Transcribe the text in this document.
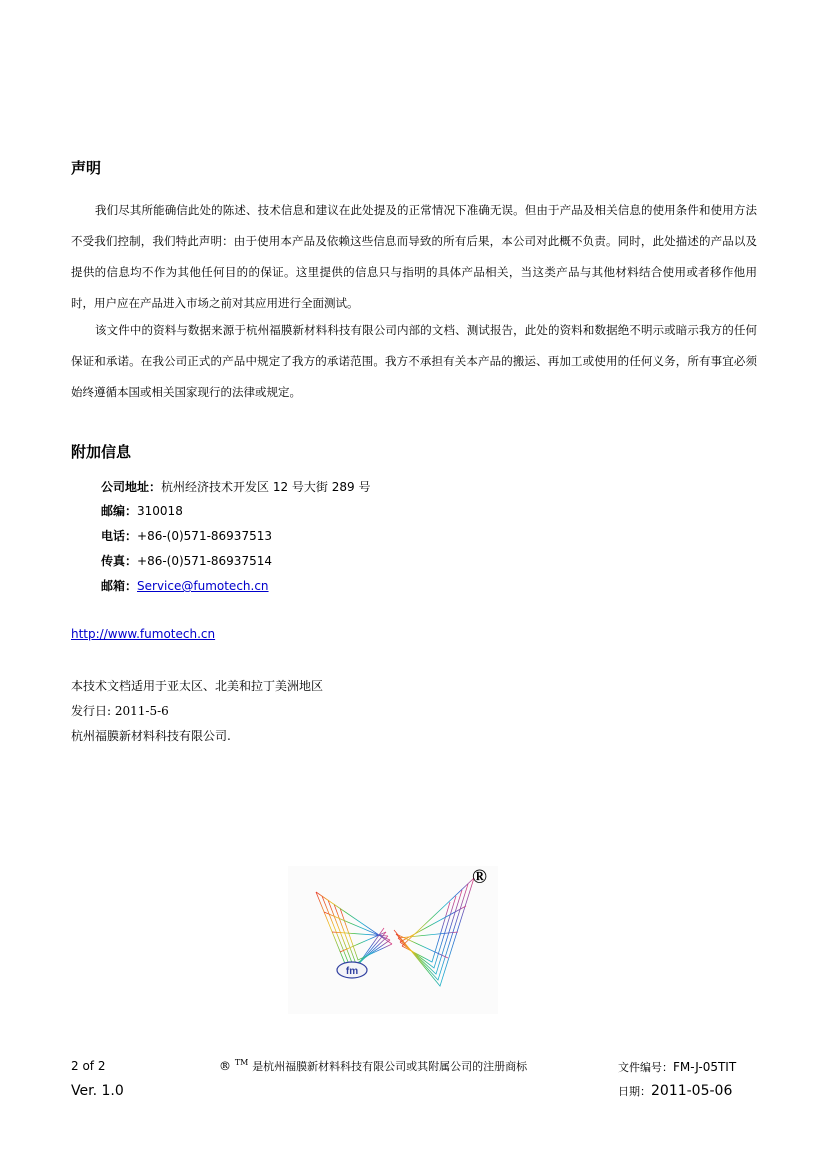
声明
我们尽其所能确信此处的陈述、技术信息和建议在此处提及的正常情况下准确无误。但由于产品及相关信息的使用条件和使用方法不受我们控制，我们特此声明：由于使用本产品及依赖这些信息而导致的所有后果，本公司对此概不负责。同时，此处描述的产品以及提供的信息均不作为其他任何目的的保证。这里提供的信息只与指明的具体产品相关，当这类产品与其他材料结合使用或者移作他用时，用户应在产品进入市场之前对其应用进行全面测试。
该文件中的资料与数据来源于杭州福膜新材料科技有限公司内部的文档、测试报告，此处的资料和数据绝不明示或暗示我方的任何保证和承诺。在我公司正式的产品中规定了我方的承诺范围。我方不承担有关本产品的搬运、再加工或使用的任何义务，所有事宜必须始终遵循本国或相关国家现行的法律或规定。
附加信息
公司地址：杭州经济技术开发区 12 号大街 289 号
邮编：310018
电话：+86-(0)571-86937513
传真：+86-(0)571-86937514
邮箱：Service@fumotech.cn
http://www.fumotech.cn
本技术文档适用于亚太区、北美和拉丁美洲地区
发行日: 2011-5-6
杭州福膜新材料科技有限公司.
fm
®
2 of 2
Ver. 1.0
® ™ 是杭州福膜新材料科技有限公司或其附属公司的注册商标	文件编号：FM-J-05TIT
日期：2011-05-06
